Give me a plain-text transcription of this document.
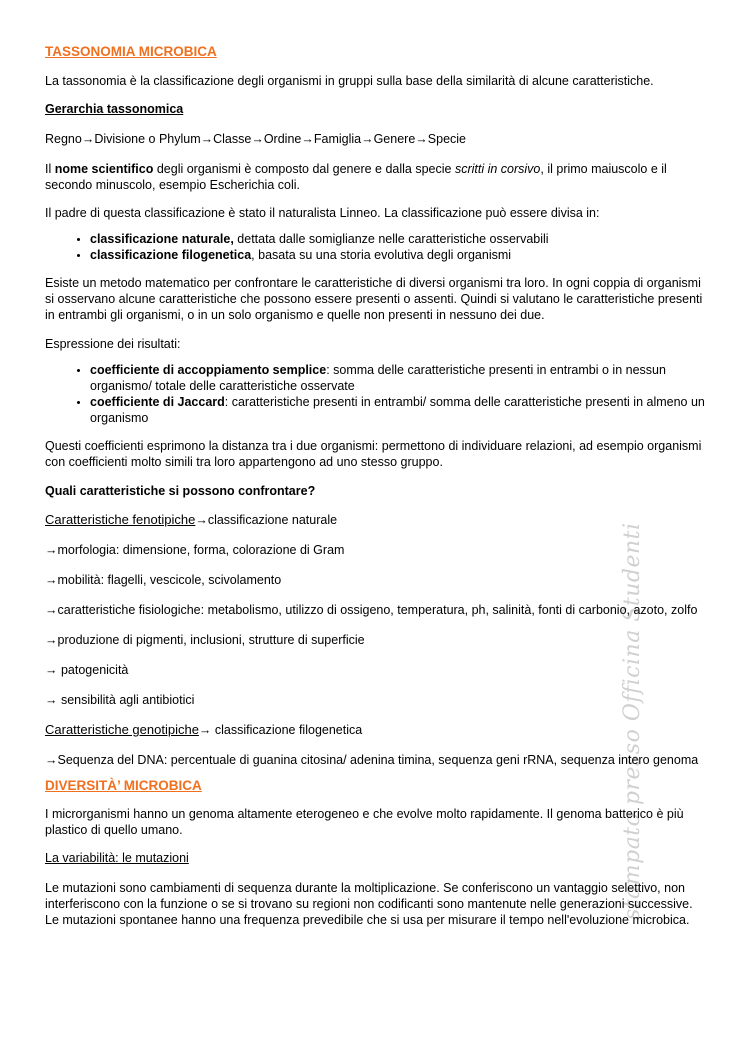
stampato presso Officina Studenti
TASSONOMIA MICROBICA

La tassonomia è la classificazione degli organismi in gruppi sulla base della similarità di alcune caratteristiche.

Gerarchia tassonomica

Regno→Divisione o Phylum→Classe→Ordine→Famiglia→Genere→Specie

Il nome scientifico degli organismi è composto dal genere e dalla specie scritti in corsivo, il primo maiuscolo e il secondo minuscolo, esempio Escherichia coli.

Il padre di questa classificazione è stato il naturalista Linneo. La classificazione può essere divisa in:

• classificazione naturale, dettata dalle somiglianze nelle caratteristiche osservabili
• classificazione filogenetica, basata su una storia evolutiva degli organismi

Esiste un metodo matematico per confrontare le caratteristiche di diversi organismi tra loro. In ogni coppia di organismi si osservano alcune caratteristiche che possono essere presenti o assenti. Quindi si valutano le caratteristiche presenti in entrambi gli organismi, o in un solo organismo e quelle non presenti in nessuno dei due.

Espressione dei risultati:

• coefficiente di accoppiamento semplice: somma delle caratteristiche presenti in entrambi o in nessun organismo/ totale delle caratteristiche osservate
• coefficiente di Jaccard: caratteristiche presenti in entrambi/ somma delle caratteristiche presenti in almeno un organismo

Questi coefficienti esprimono la distanza tra i due organismi: permettono di individuare relazioni, ad esempio organismi con coefficienti molto simili tra loro appartengono ad uno stesso gruppo.

Quali caratteristiche si possono confrontare?

Caratteristiche fenotipiche→classificazione naturale

→morfologia: dimensione, forma, colorazione di Gram

→mobilità: flagelli, vescicole, scivolamento

→caratteristiche fisiologiche: metabolismo, utilizzo di ossigeno, temperatura, ph, salinità, fonti di carbonio, azoto, zolfo

→produzione di pigmenti, inclusioni, strutture di superficie

→ patogenicità

→ sensibilità agli antibiotici

Caratteristiche genotipiche→ classificazione filogenetica

→Sequenza del DNA: percentuale di guanina citosina/ adenina timina, sequenza geni rRNA, sequenza intero genoma

DIVERSITÀ’ MICROBICA

I microrganismi hanno un genoma altamente eterogeneo e che evolve molto rapidamente. Il genoma batterico è più plastico di quello umano.

La variabilità: le mutazioni

Le mutazioni sono cambiamenti di sequenza durante la moltiplicazione. Se conferiscono un vantaggio selettivo, non interferiscono con la funzione o se si trovano su regioni non codificanti sono mantenute nelle generazioni successive. Le mutazioni spontanee hanno una frequenza prevedibile che si usa per misurare il tempo nell'evoluzione microbica.
